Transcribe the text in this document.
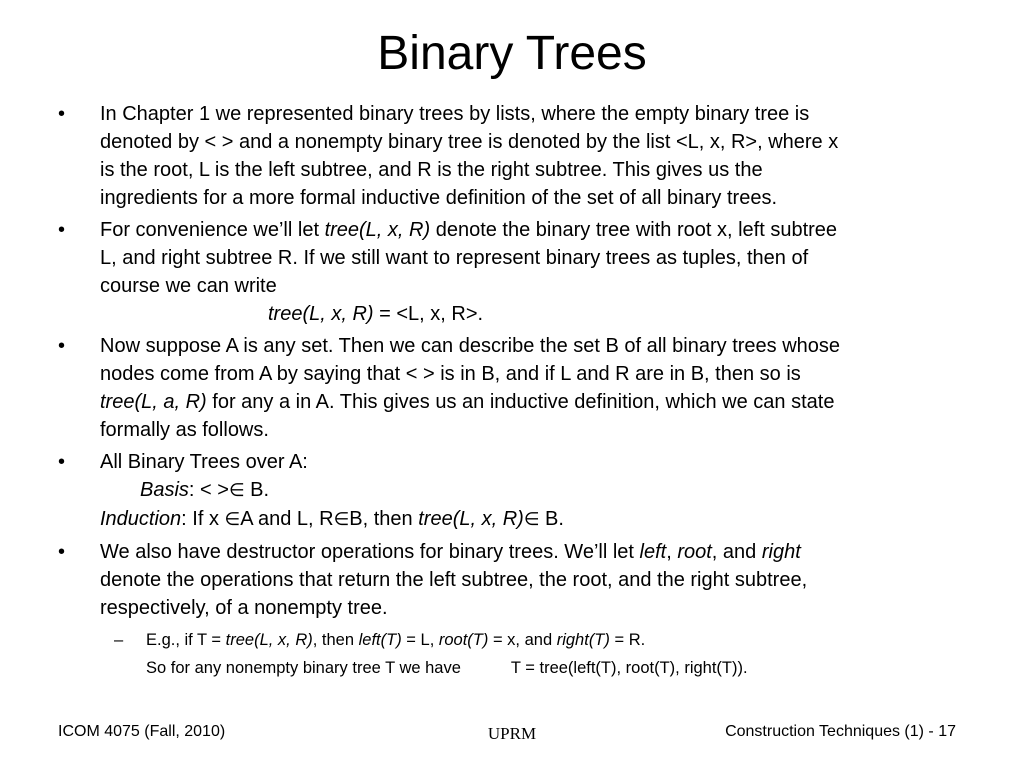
Binary Trees
•	In Chapter 1 we represented binary trees by lists, where the empty binary tree is
denoted by < > and a nonempty binary tree is denoted by the list <L, x, R>, where x
is the root, L is the left subtree, and R is the right subtree. This gives us the
ingredients for a more formal inductive definition of the set of all binary trees.
•	For convenience we’ll let tree(L, x, R) denote the binary tree with root x, left subtree
L, and right subtree R. If we still want to represent binary trees as tuples, then of
course we can write
tree(L, x, R) = <L, x, R>.
•	Now suppose A is any set. Then we can describe the set B of all binary trees whose
nodes come from A by saying that < > is in B, and if L and R are in B, then so is
tree(L, a, R) for any a in A. This gives us an inductive definition, which we can state
formally as follows.
•	All Binary Trees over A:
Basis: < >∈ B.
Induction: If x ∈A and L, R∈B, then tree(L, x, R)∈ B.
•	We also have destructor operations for binary trees. We’ll let left, root, and right
denote the operations that return the left subtree, the root, and the right subtree,
respectively, of a nonempty tree.
– E.g., if T = tree(L, x, R), then left(T) = L, root(T) = x, and right(T) = R.
So for any nonempty binary tree T we have	T = tree(left(T), root(T), right(T)).
ICOM 4075 (Fall, 2010)	UPRM	Construction Techniques (1) - 17
